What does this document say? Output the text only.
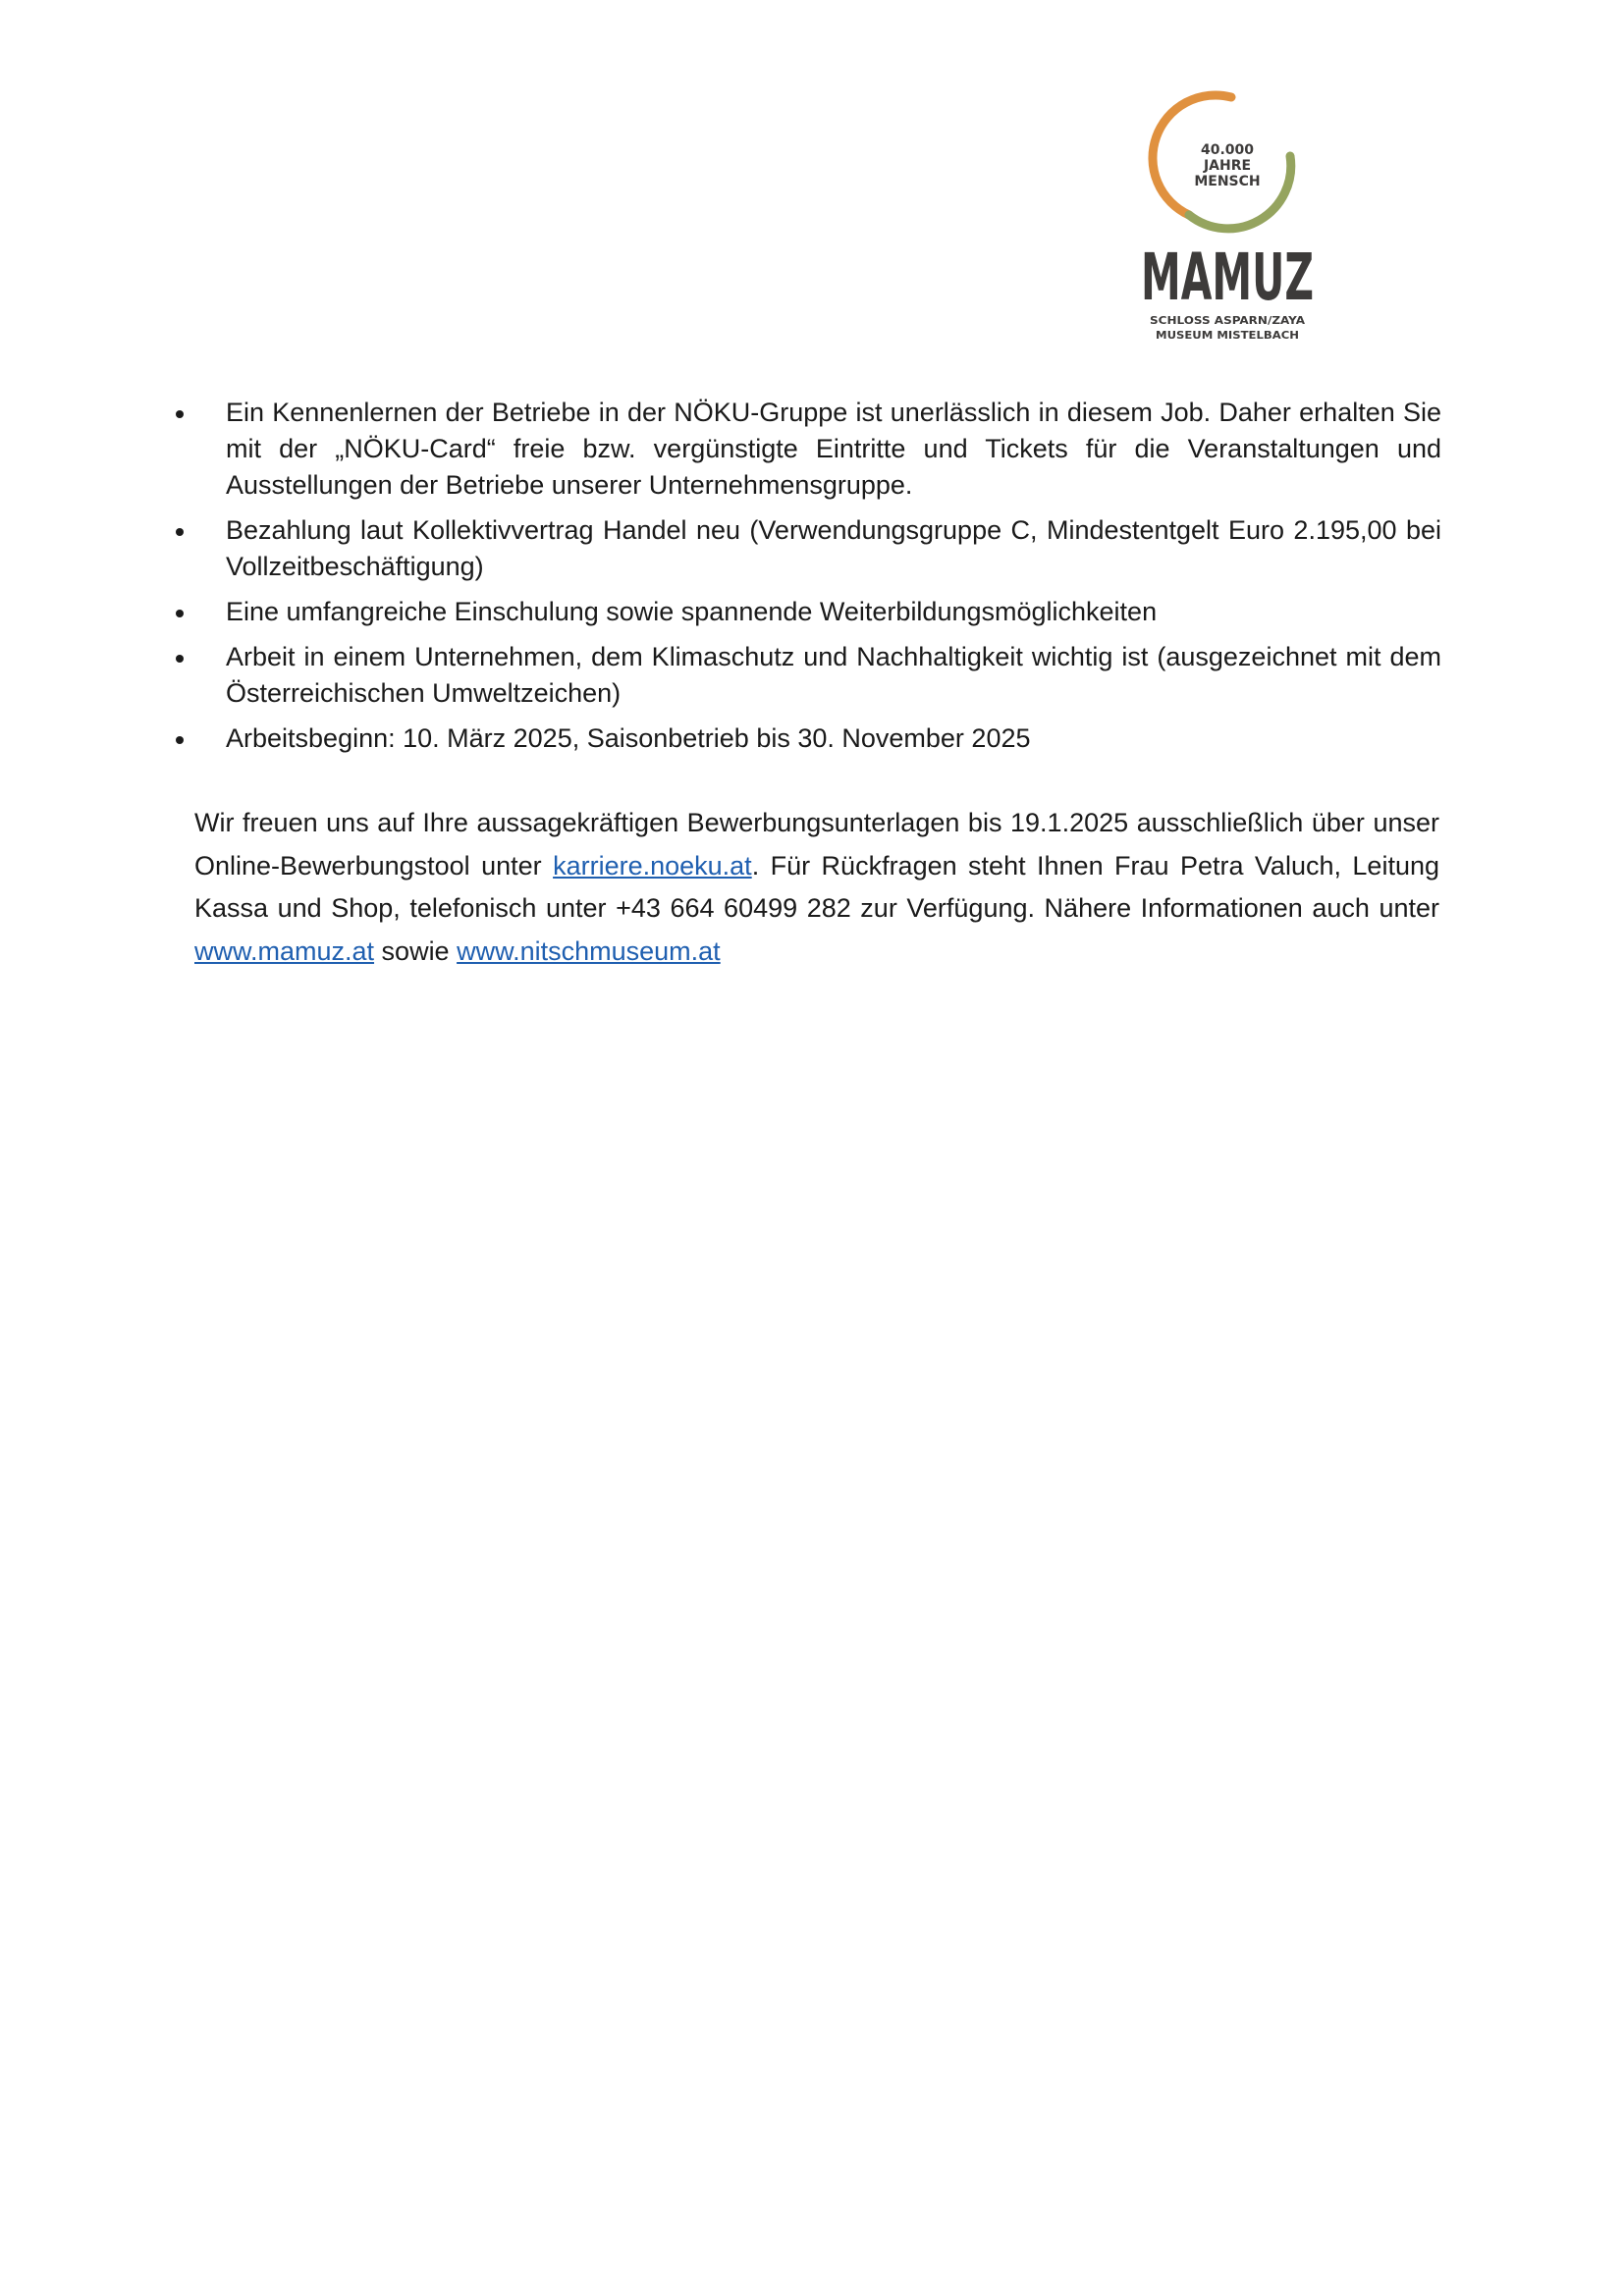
40.000
JAHRE
MENSCH
MAMUZ
SCHLOSS ASPARN/ZAYA
MUSEUM MISTELBACH
Ein Kennenlernen der Betriebe in der NÖKU-Gruppe ist unerlässlich in diesem Job. Daher erhalten Sie mit der „NÖKU-Card“ freie bzw. vergünstigte Eintritte und Tickets für die Veranstaltungen und Ausstellungen der Betriebe unserer Unternehmensgruppe.
Bezahlung laut Kollektivvertrag Handel neu (Verwendungsgruppe C, Mindestentgelt Euro 2.195,00 bei Vollzeitbeschäftigung)
Eine umfangreiche Einschulung sowie spannende Weiterbildungsmöglichkeiten
Arbeit in einem Unternehmen, dem Klimaschutz und Nachhaltigkeit wichtig ist (ausgezeichnet mit dem Österreichischen Umweltzeichen)
Arbeitsbeginn: 10. März 2025, Saisonbetrieb bis 30. November 2025

Wir freuen uns auf Ihre aussagekräftigen Bewerbungsunterlagen bis 19.1.2025 ausschließlich über unser Online-Bewerbungstool unter karriere.noeku.at. Für Rückfragen steht Ihnen Frau Petra Valuch, Leitung Kassa und Shop, telefonisch unter +43 664 60499 282 zur Verfügung. Nähere Informationen auch unter www.mamuz.at sowie www.nitschmuseum.at
